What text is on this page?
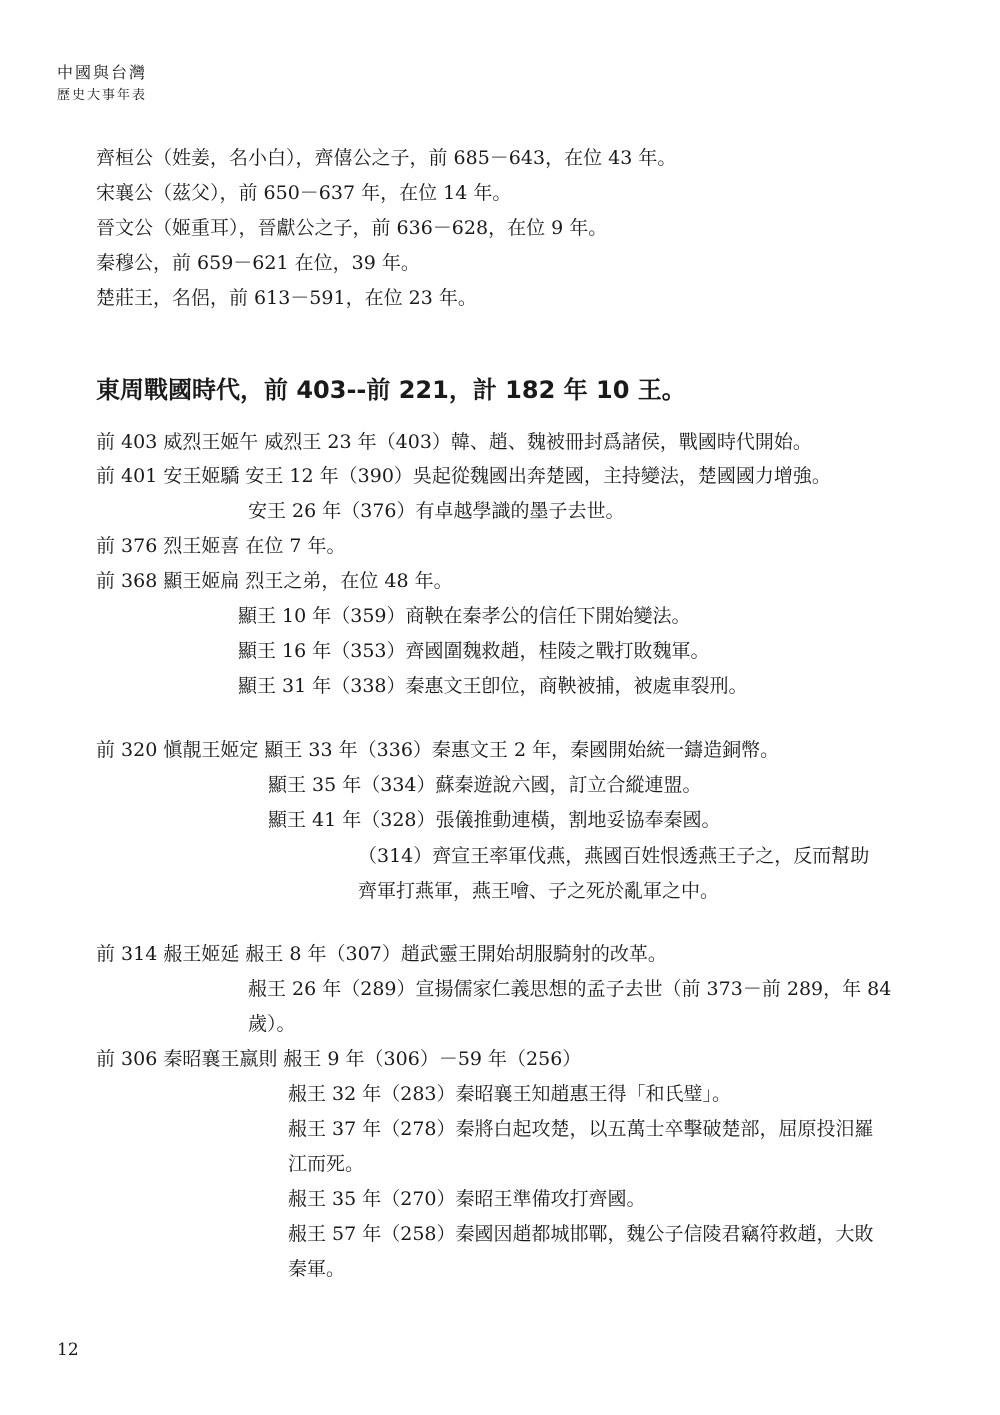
中國與台灣
歷史大事年表
齊桓公（姓姜，名小白），齊僖公之子，前 685－643，在位 43 年。
宋襄公（茲父），前 650－637 年，在位 14 年。
晉文公（姬重耳），晉獻公之子，前 636－628，在位 9 年。
秦穆公，前 659－621 在位，39 年。
楚莊王，名侶，前 613－591，在位 23 年。
東周戰國時代，前 403--前 221，計 182 年 10 王。
前 403 威烈王姬午 威烈王 23 年（403）韓、趙、魏被冊封爲諸侯，戰國時代開始。
前 401 安王姬驕 安王 12 年（390）吳起從魏國出奔楚國，主持變法，楚國國力增強。
安王 26 年（376）有卓越學識的墨子去世。
前 376 烈王姬喜 在位 7 年。
前 368 顯王姬扁 烈王之弟，在位 48 年。
顯王 10 年（359）商鞅在秦孝公的信任下開始變法。
顯王 16 年（353）齊國圍魏救趙，桂陵之戰打敗魏軍。
顯王 31 年（338）秦惠文王卽位，商鞅被捕，被處車裂刑。
前 320 愼靚王姬定 顯王 33 年（336）秦惠文王 2 年，秦國開始統一鑄造銅幣。
顯王 35 年（334）蘇秦遊說六國，訂立合縱連盟。
顯王 41 年（328）張儀推動連橫，割地妥協奉秦國。
（314）齊宣王率軍伐燕，燕國百姓恨透燕王子之，反而幫助
齊軍打燕軍，燕王噲、子之死於亂軍之中。
前 314 赧王姬延 赧王 8 年（307）趙武靈王開始胡服騎射的改革。
赧王 26 年（289）宣揚儒家仁義思想的孟子去世（前 373－前 289，年 84
歲）。
前 306 秦昭襄王嬴則 赧王 9 年（306）－59 年（256）
赧王 32 年（283）秦昭襄王知趙惠王得「和氏璧」。
赧王 37 年（278）秦將白起攻楚，以五萬士卒擊破楚部，屈原投汨羅
江而死。
赧王 35 年（270）秦昭王準備攻打齊國。
赧王 57 年（258）秦國因趙都城邯鄲，魏公子信陵君竊符救趙，大敗
秦軍。
12
